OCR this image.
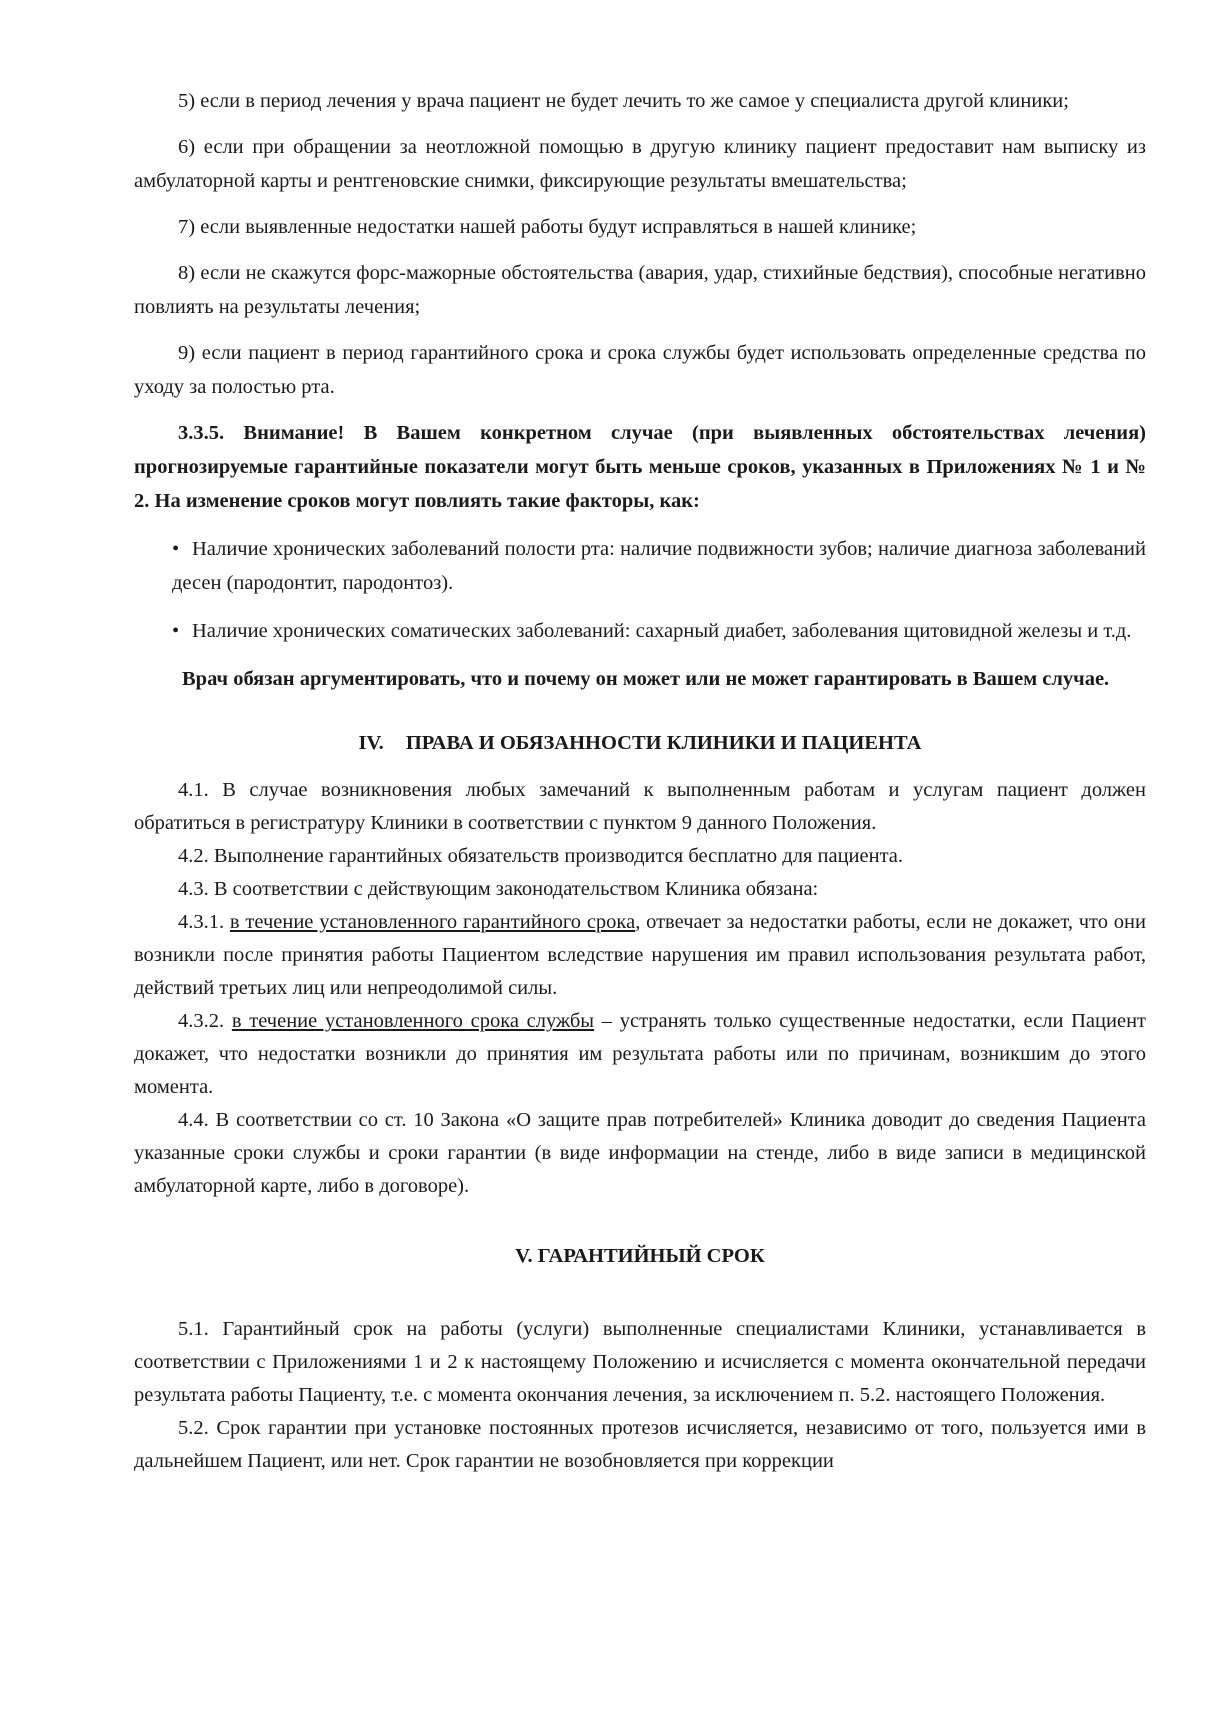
5) если в период лечения у врача пациент не будет лечить то же самое у специалиста другой клиники;

6) если при обращении за неотложной помощью в другую клинику пациент предоставит нам выписку из амбулаторной карты и рентгеновские снимки, фиксирующие результаты вмешательства;

7) если выявленные недостатки нашей работы будут исправляться в нашей клинике;

8) если не скажутся форс-мажорные обстоятельства (авария, удар, стихийные бедствия), способные негативно повлиять на результаты лечения;

9) если пациент в период гарантийного срока и срока службы будет использовать определенные средства по уходу за полостью рта.

3.3.5. Внимание! В Вашем конкретном случае (при выявленных обстоятельствах лечения) прогнозируемые гарантийные показатели могут быть меньше сроков, указанных в Приложениях № 1 и № 2. На изменение сроков могут повлиять такие факторы, как:

• Наличие хронических заболеваний полости рта: наличие подвижности зубов; наличие диагноза заболеваний десен (пародонтит, пародонтоз).

• Наличие хронических соматических заболеваний: сахарный диабет, заболевания щитовидной железы и т.д.

Врач обязан аргументировать, что и почему он может или не может гарантировать в Вашем случае.

IV. ПРАВА И ОБЯЗАННОСТИ КЛИНИКИ И ПАЦИЕНТА

4.1. В случае возникновения любых замечаний к выполненным работам и услугам пациент должен обратиться в регистратуру Клиники в соответствии с пунктом 9 данного Положения.

4.2. Выполнение гарантийных обязательств производится бесплатно для пациента.

4.3. В соответствии с действующим законодательством Клиника обязана:

4.3.1. в течение установленного гарантийного срока, отвечает за недостатки работы, если не докажет, что они возникли после принятия работы Пациентом вследствие нарушения им правил использования результата работ, действий третьих лиц или непреодолимой силы.

4.3.2. в течение установленного срока службы – устранять только существенные недостатки, если Пациент докажет, что недостатки возникли до принятия им результата работы или по причинам, возникшим до этого момента.

4.4. В соответствии со ст. 10 Закона «О защите прав потребителей» Клиника доводит до сведения Пациента указанные сроки службы и сроки гарантии (в виде информации на стенде, либо в виде записи в медицинской амбулаторной карте, либо в договоре).

V. ГАРАНТИЙНЫЙ СРОК

5.1. Гарантийный срок на работы (услуги) выполненные специалистами Клиники, устанавливается в соответствии с Приложениями 1 и 2 к настоящему Положению и исчисляется с момента окончательной передачи результата работы Пациенту, т.е. с момента окончания лечения, за исключением п. 5.2. настоящего Положения.

5.2. Срок гарантии при установке постоянных протезов исчисляется, независимо от того, пользуется ими в дальнейшем Пациент, или нет. Срок гарантии не возобновляется при коррекции
